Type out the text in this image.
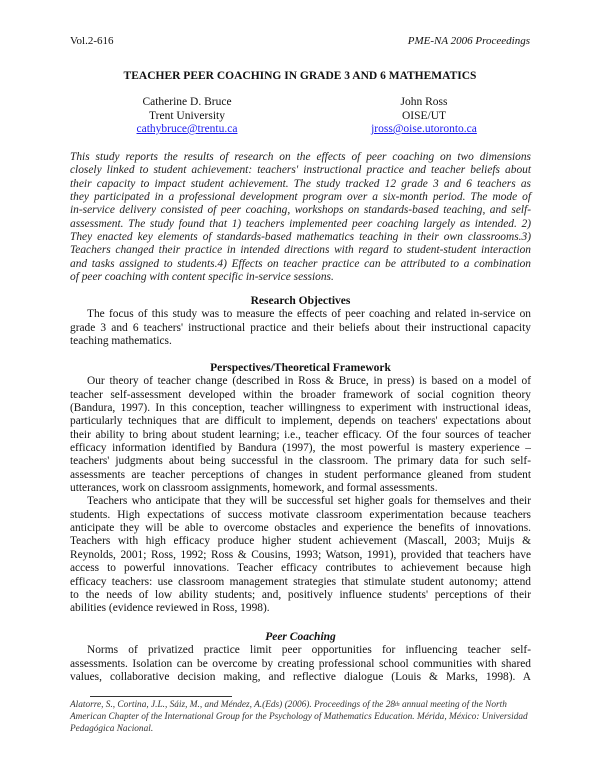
Vol.2-616	PME-NA 2006 Proceedings
TEACHER PEER COACHING IN GRADE 3 AND 6 MATHEMATICS
Catherine D. Bruce
Trent University
cathybruce@trentu.ca
John Ross
OISE/UT
jross@oise.utoronto.ca
This study reports the results of research on the effects of peer coaching on two dimensions
closely linked to student achievement: teachers' instructional practice and teacher beliefs about
their capacity to impact student achievement. The study tracked 12 grade 3 and 6 teachers as
they participated in a professional development program over a six-month period. The mode of
in-service delivery consisted of peer coaching, workshops on standards-based teaching, and self-
assessment. The study found that 1) teachers implemented peer coaching largely as intended. 2)
They enacted key elements of standards-based mathematics teaching in their own classrooms.3)
Teachers changed their practice in intended directions with regard to student-student interaction
and tasks assigned to students.4) Effects on teacher practice can be attributed to a combination
of peer coaching with content specific in-service sessions.
Research Objectives
The focus of this study was to measure the effects of peer coaching and related in-service on
grade 3 and 6 teachers' instructional practice and their beliefs about their instructional capacity
teaching mathematics.
Perspectives/Theoretical Framework
Our theory of teacher change (described in Ross & Bruce, in press) is based on a model of
teacher self-assessment developed within the broader framework of social cognition theory
(Bandura, 1997). In this conception, teacher willingness to experiment with instructional ideas,
particularly techniques that are difficult to implement, depends on teachers' expectations about
their ability to bring about student learning; i.e., teacher efficacy. Of the four sources of teacher
efficacy information identified by Bandura (1997), the most powerful is mastery experience –
teachers' judgments about being successful in the classroom. The primary data for such self-
assessments are teacher perceptions of changes in student performance gleaned from student
utterances, work on classroom assignments, homework, and formal assessments.
Teachers who anticipate that they will be successful set higher goals for themselves and their
students. High expectations of success motivate classroom experimentation because teachers
anticipate they will be able to overcome obstacles and experience the benefits of innovations.
Teachers with high efficacy produce higher student achievement (Mascall, 2003; Muijs &
Reynolds, 2001; Ross, 1992; Ross & Cousins, 1993; Watson, 1991), provided that teachers have
access to powerful innovations. Teacher efficacy contributes to achievement because high
efficacy teachers: use classroom management strategies that stimulate student autonomy; attend
to the needs of low ability students; and, positively influence students' perceptions of their
abilities (evidence reviewed in Ross, 1998).
Peer Coaching
Norms of privatized practice limit peer opportunities for influencing teacher self-
assessments. Isolation can be overcome by creating professional school communities with shared
values, collaborative decision making, and reflective dialogue (Louis & Marks, 1998). A
Alatorre, S., Cortina, J.L., Sáiz, M., and Méndez, A.(Eds) (2006). Proceedings of the 28th annual meeting of the North American Chapter of the International Group for the Psychology of Mathematics Education. Mérida, México: Universidad Pedagógica Nacional.
